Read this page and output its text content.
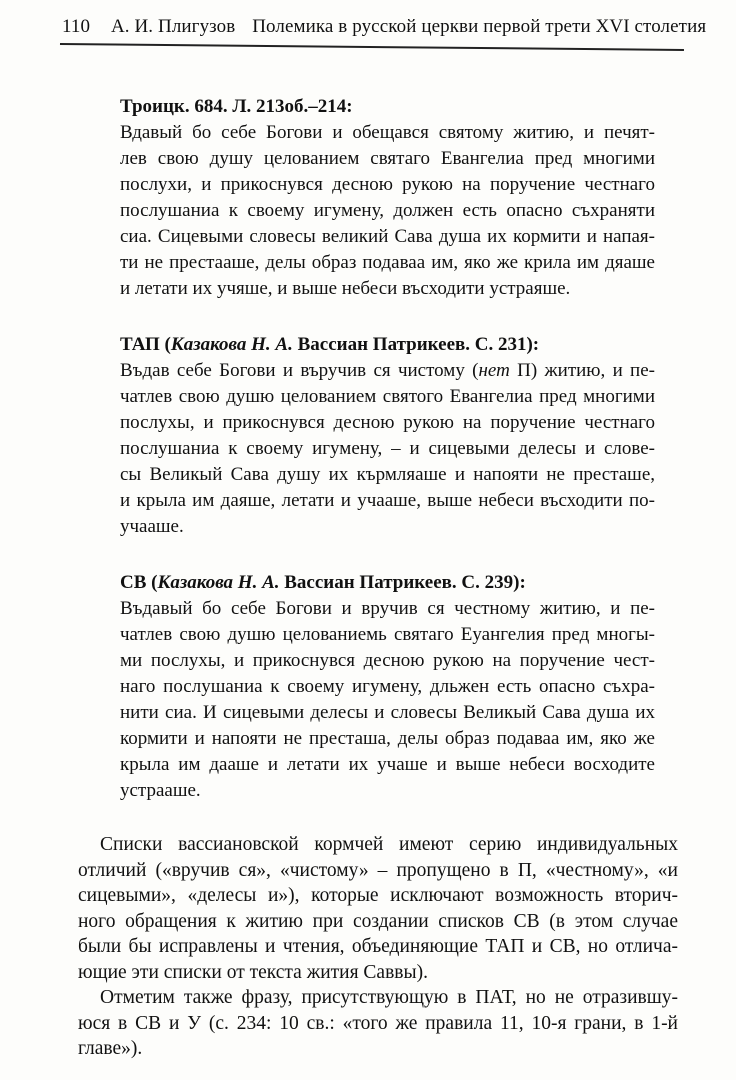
110 А. И. Плигузов Полемика в русской церкви первой трети XVI столетия
Троицк. 684. Л. 213об.–214:
Вдавый бо себе Богови и обещався святому житию, и печят-
лев свою душу целованием святаго Евангелиа пред многими
послухи, и прикоснувся десною рукою на поручение честнаго
послушаниа к своему игумену, должен есть опасно съхраняти
сиа. Сицевыми словесы великий Сава душа их кормити и напая-
ти не престааше, делы образ подаваа им, яко же крила им дяаше
и летати их учяше, и выше небеси въсходити устраяше.
ТАП (Казакова Н. А. Вассиан Патрикеев. С. 231):
Въдав себе Богови и въручив ся чистому (нет П) житию, и пе-
чатлев свою душю целованием святого Евангелиа пред многими
послухы, и прикоснувся десною рукою на поручение честнаго
послушаниа к своему игумену, – и сицевыми делесы и слове-
сы Великый Сава душу их кърмляаше и напояти не престаше,
и крыла им даяше, летати и учааше, выше небеси въсходити по-
учааше.
СВ (Казакова Н. А. Вассиан Патрикеев. С. 239):
Въдавый бо себе Богови и вручив ся честному житию, и пе-
чатлев свою душю целованиемь святаго Еуангелия пред многы-
ми послухы, и прикоснувся десною рукою на поручение чест-
наго послушаниа к своему игумену, дльжен есть опасно съхра-
нити сиа. И сицевыми делесы и словесы Великый Сава душа их
кормити и напояти не престаша, делы образ подаваа им, яко же
крыла им дааше и летати их учаше и выше небеси восходите
устрааше.
Списки вассиановской кормчей имеют серию индивидуальных
отличий («вручив ся», «чистому» – пропущено в П, «честному», «и
сицевыми», «делесы и»), которые исключают возможность вторич-
ного обращения к житию при создании списков СВ (в этом случае
были бы исправлены и чтения, объединяющие ТАП и СВ, но отлича-
ющие эти списки от текста жития Саввы).
Отметим также фразу, присутствующую в ПАТ, но не отразившу-
юся в СВ и У (с. 234: 10 св.: «того же правила 11, 10-я грани, в 1-й
главе»).
